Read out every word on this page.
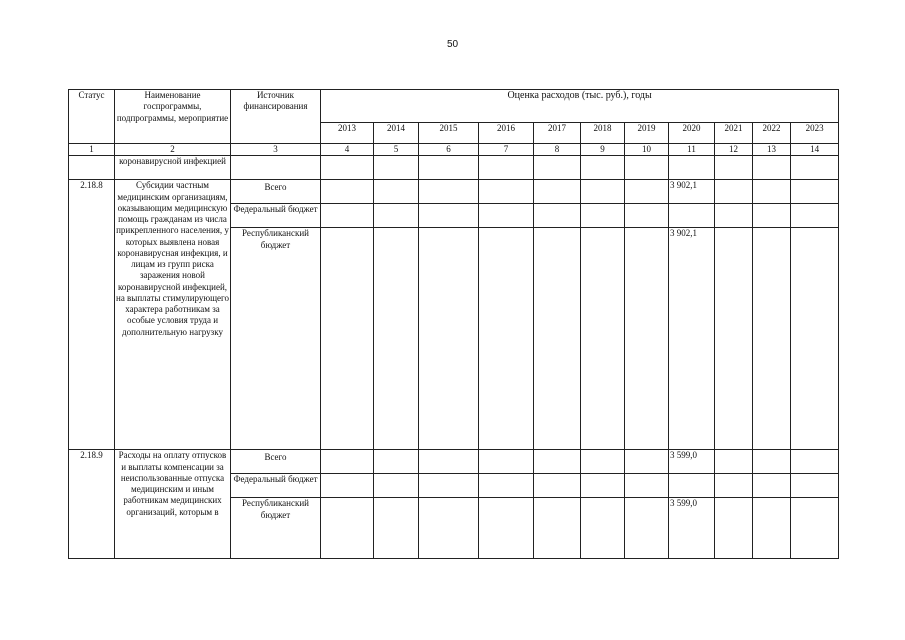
50
Статус	Наименование госпрограммы, подпрограммы, мероприятие	Источник финансирования	Оценка расходов (тыс. руб.), годы										
			2013	2014	2015	2016	2017	2018	2019	2020	2021	2022	2023
1	2	3	4	5	6	7	8	9	10	11	12	13	14
	коронавирусной инфекцией												
2.18.8	Субсидии частным медицинским организациям, оказывающим медицинскую помощь гражданам из числа прикрепленного населения, у которых выявлена новая коронавирусная инфекция, и лицам из групп риска заражения новой коронавирусной инфекцией, на выплаты стимулирующего характера работникам за особые условия труда и дополнительную нагрузку	Всего								3 902,1			
		Федеральный бюджет											
		Республиканский бюджет								3 902,1			
2.18.9	Расходы на оплату отпусков и выплаты компенсации за неиспользованные отпуска медицинским и иным работникам медицинских организаций, которым в	Всего								3 599,0			
		Федеральный бюджет											
		Республиканский бюджет								3 599,0			
